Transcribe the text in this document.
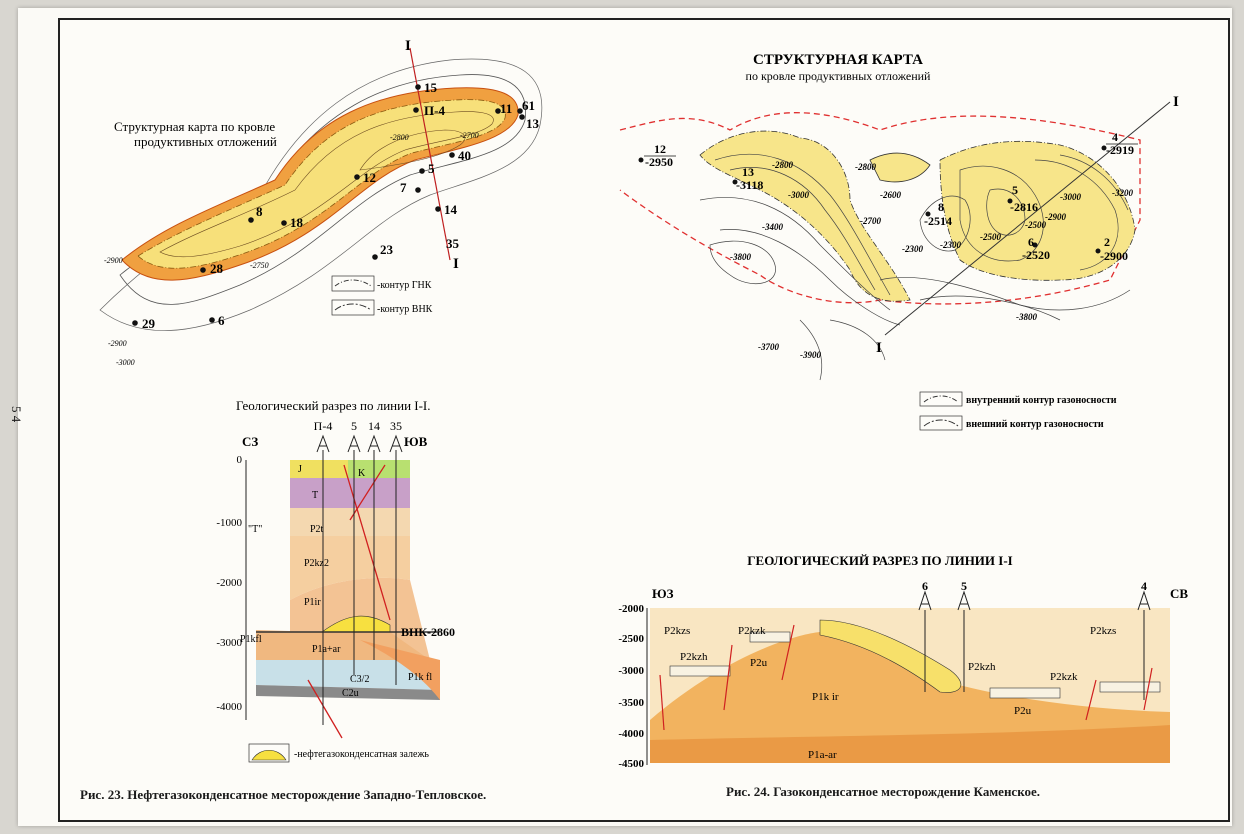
5 4
15
П-4	11 61
13
40
5
7
12
14
8
18
28
23	35
29	6
I
I
-2800	-2700
-2750
-2900
-2900
-3000
Структурная карта по кровле
продуктивных отложений
-контур ГНК
-контур ВНК
Геологический разрез по линии I-I.
СЗ	ЮВ
0
-1000
-2000
-3000
-4000
П-4 5 14 35
J	K
T
"T"	P2t
P2kz2
P1ir
P1kfl
P1a+ar
C3/2
C2u
P1k fl
ВНК-2860
-нефтегазоконденсатная залежь
СТРУКТУРНАЯ КАРТА
по кровле продуктивных отложений
I
I
12
-2950
13
-3118
8
-2514
5
-2816
6
-2520
2
-2900
4
-2919
-2800
-3000
-3400
-2700
-2800
-2600
-2300 -2300
-2500
-2500
-2900
-3000	-3200
-3800
-3800
-3700
-3900
внутренний контур газоносности
внешний контур газоносности
ГЕОЛОГИЧЕСКИЙ РАЗРЕЗ ПО ЛИНИИ I-I
ЮЗ	СВ
-2000
-2500
-3000
-3500
-4000
-4500
6	5	4
P2kzs
P2kzh
P2kzk
P2u
P2kzs
P2kzh
P2kzk
P1k ir
P2u
P1a-ar
Рис. 23. Нефтегазоконденсатное месторождение Западно-Тепловское.	Рис. 24. Газоконденсатное месторождение Каменское.
